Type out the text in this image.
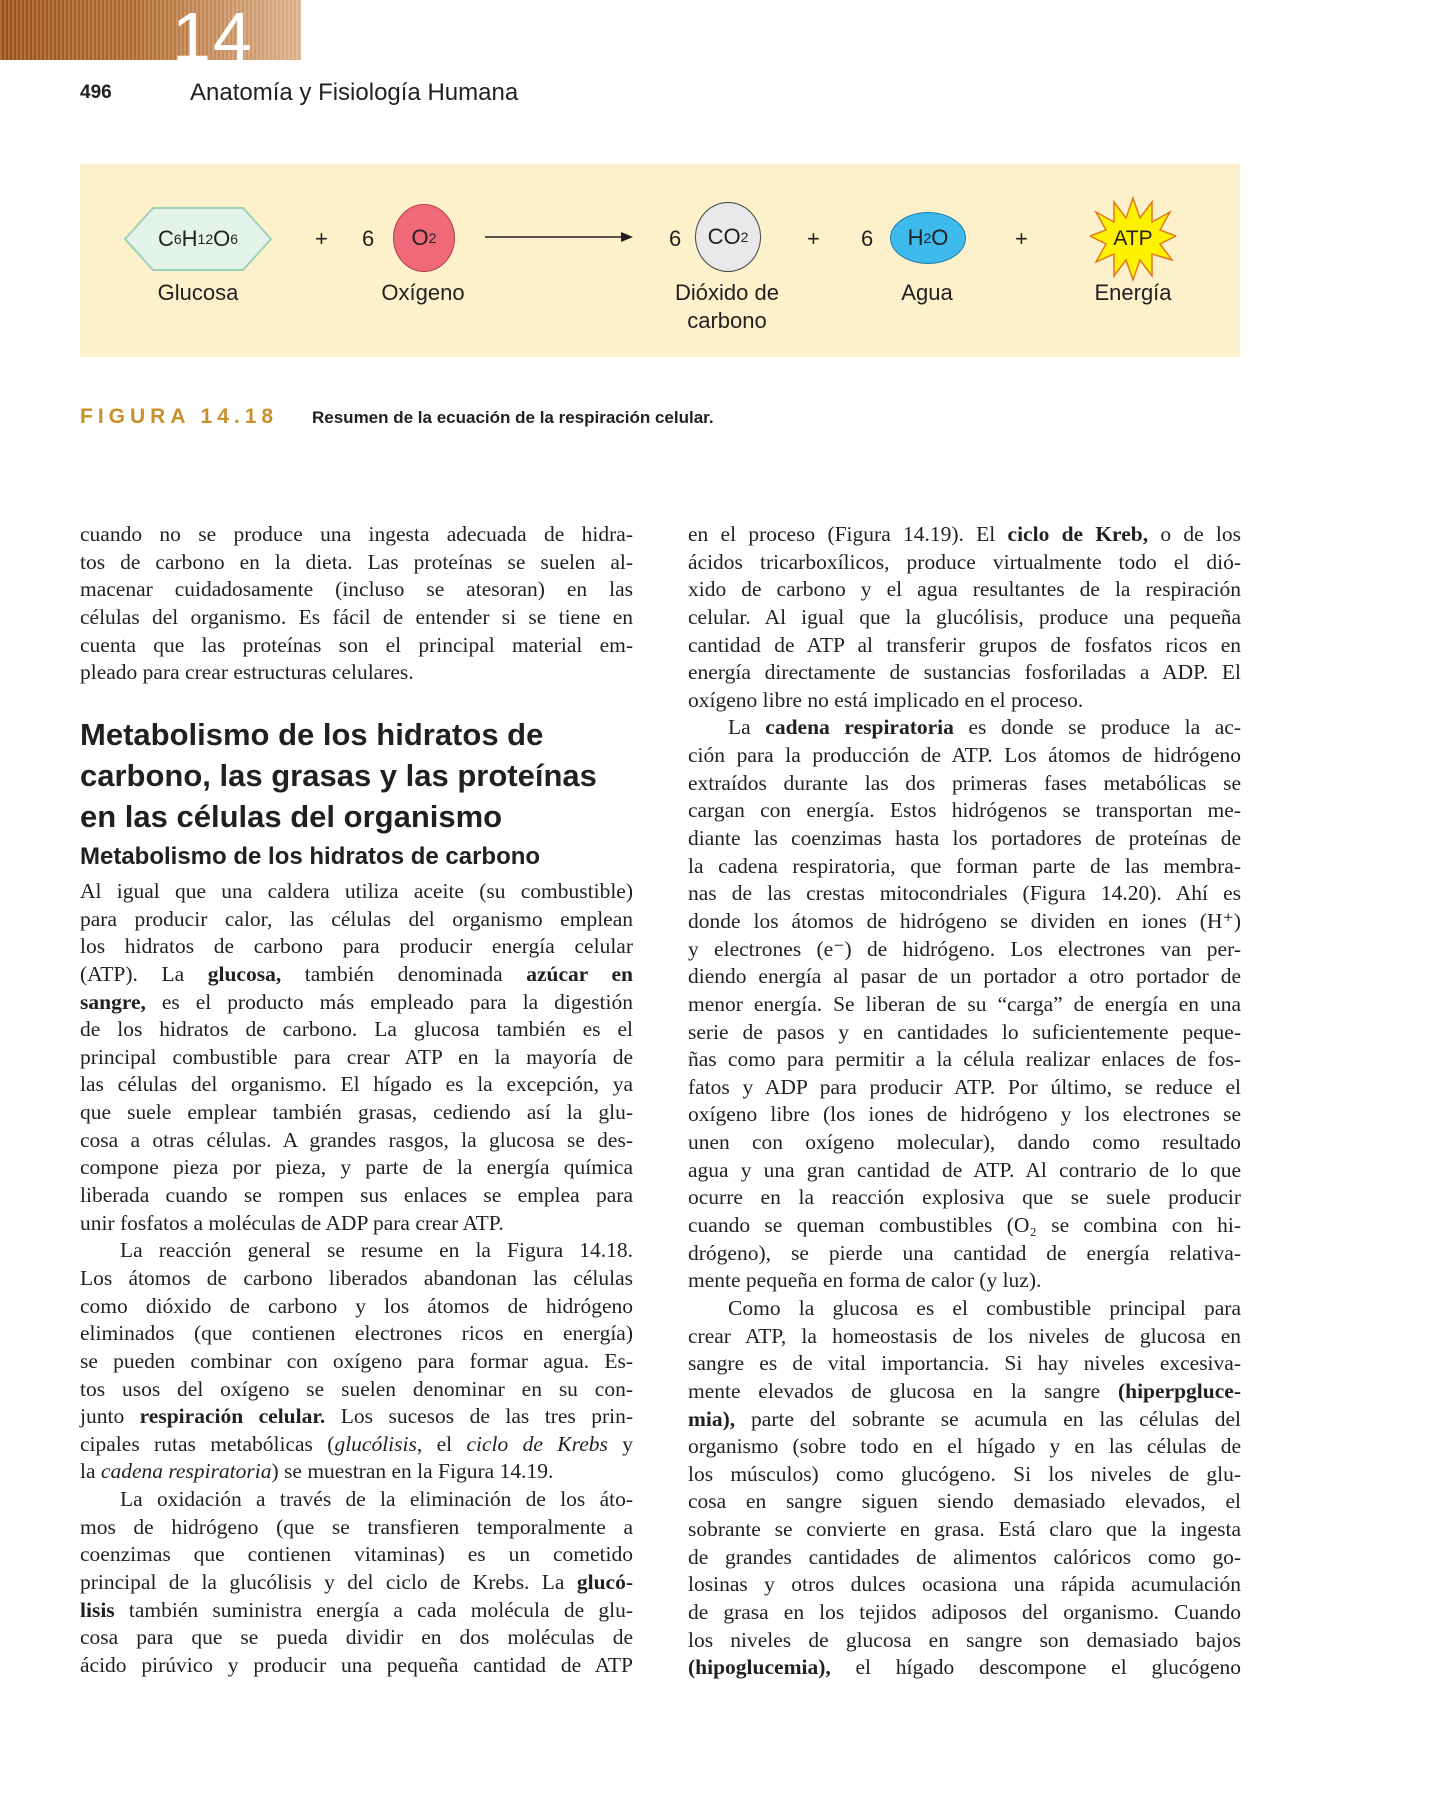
14
496	Anatomía y Fisiología Humana
C 6 H 12 O 6
Glucosa
+ 6 O 2
Oxígeno
6 CO 2
Dióxido de
carbono
+ 6 H 2 O
Agua
+	ATP
Energía
FIGURA 14.18 Resumen de la ecuación de la respiración celular.
cuando no se produce una ingesta adecuada de hidra-
tos de carbono en la dieta. Las proteínas se suelen al-
macenar cuidadosamente (incluso se atesoran) en las
células del organismo. Es fácil de entender si se tiene en
cuenta que las proteínas son el principal material em-
pleado para crear estructuras celulares.
Metabolismo de los hidratos de
carbono, las grasas y las proteínas
en las células del organismo
Metabolismo de los hidratos de carbono
Al igual que una caldera utiliza aceite (su combustible)
para producir calor, las células del organismo emplean
los hidratos de carbono para producir energía celular
(ATP). La glucosa, también denominada azúcar en
sangre, es el producto más empleado para la digestión
de los hidratos de carbono. La glucosa también es el
principal combustible para crear ATP en la mayoría de
las células del organismo. El hígado es la excepción, ya
que suele emplear también grasas, cediendo así la glu-
cosa a otras células. A grandes rasgos, la glucosa se des-
compone pieza por pieza, y parte de la energía química
liberada cuando se rompen sus enlaces se emplea para
unir fosfatos a moléculas de ADP para crear ATP.
La reacción general se resume en la Figura 14.18.
Los átomos de carbono liberados abandonan las células
como dióxido de carbono y los átomos de hidrógeno
eliminados (que contienen electrones ricos en energía)
se pueden combinar con oxígeno para formar agua. Es-
tos usos del oxígeno se suelen denominar en su con-
junto respiración celular. Los sucesos de las tres prin-
cipales rutas metabólicas (glucólisis, el ciclo de Krebs y
la cadena respiratoria) se muestran en la Figura 14.19.
La oxidación a través de la eliminación de los áto-
mos de hidrógeno (que se transfieren temporalmente a
coenzimas que contienen vitaminas) es un cometido
principal de la glucólisis y del ciclo de Krebs. La glucó-
lisis también suministra energía a cada molécula de glu-
cosa para que se pueda dividir en dos moléculas de
ácido pirúvico y producir una pequeña cantidad de ATP
en el proceso (Figura 14.19). El ciclo de Kreb, o de los
ácidos tricarboxílicos, produce virtualmente todo el dió-
xido de carbono y el agua resultantes de la respiración
celular. Al igual que la glucólisis, produce una pequeña
cantidad de ATP al transferir grupos de fosfatos ricos en
energía directamente de sustancias fosforiladas a ADP. El
oxígeno libre no está implicado en el proceso.
La cadena respiratoria es donde se produce la ac-
ción para la producción de ATP. Los átomos de hidrógeno
extraídos durante las dos primeras fases metabólicas se
cargan con energía. Estos hidrógenos se transportan me-
diante las coenzimas hasta los portadores de proteínas de
la cadena respiratoria, que forman parte de las membra-
nas de las crestas mitocondriales (Figura 14.20). Ahí es
donde los átomos de hidrógeno se dividen en iones (H⁺)
y electrones (e⁻) de hidrógeno. Los electrones van per-
diendo energía al pasar de un portador a otro portador de
menor energía. Se liberan de su “carga” de energía en una
serie de pasos y en cantidades lo suficientemente peque-
ñas como para permitir a la célula realizar enlaces de fos-
fatos y ADP para producir ATP. Por último, se reduce el
oxígeno libre (los iones de hidrógeno y los electrones se
unen con oxígeno molecular), dando como resultado
agua y una gran cantidad de ATP. Al contrario de lo que
ocurre en la reacción explosiva que se suele producir
cuando se queman combustibles (O₂ se combina con hi-
drógeno), se pierde una cantidad de energía relativa-
mente pequeña en forma de calor (y luz).
Como la glucosa es el combustible principal para
crear ATP, la homeostasis de los niveles de glucosa en
sangre es de vital importancia. Si hay niveles excesiva-
mente elevados de glucosa en la sangre (hiperpgluce-
mia), parte del sobrante se acumula en las células del
organismo (sobre todo en el hígado y en las células de
los músculos) como glucógeno. Si los niveles de glu-
cosa en sangre siguen siendo demasiado elevados, el
sobrante se convierte en grasa. Está claro que la ingesta
de grandes cantidades de alimentos calóricos como go-
losinas y otros dulces ocasiona una rápida acumulación
de grasa en los tejidos adiposos del organismo. Cuando
los niveles de glucosa en sangre son demasiado bajos
(hipoglucemia), el hígado descompone el glucógeno
